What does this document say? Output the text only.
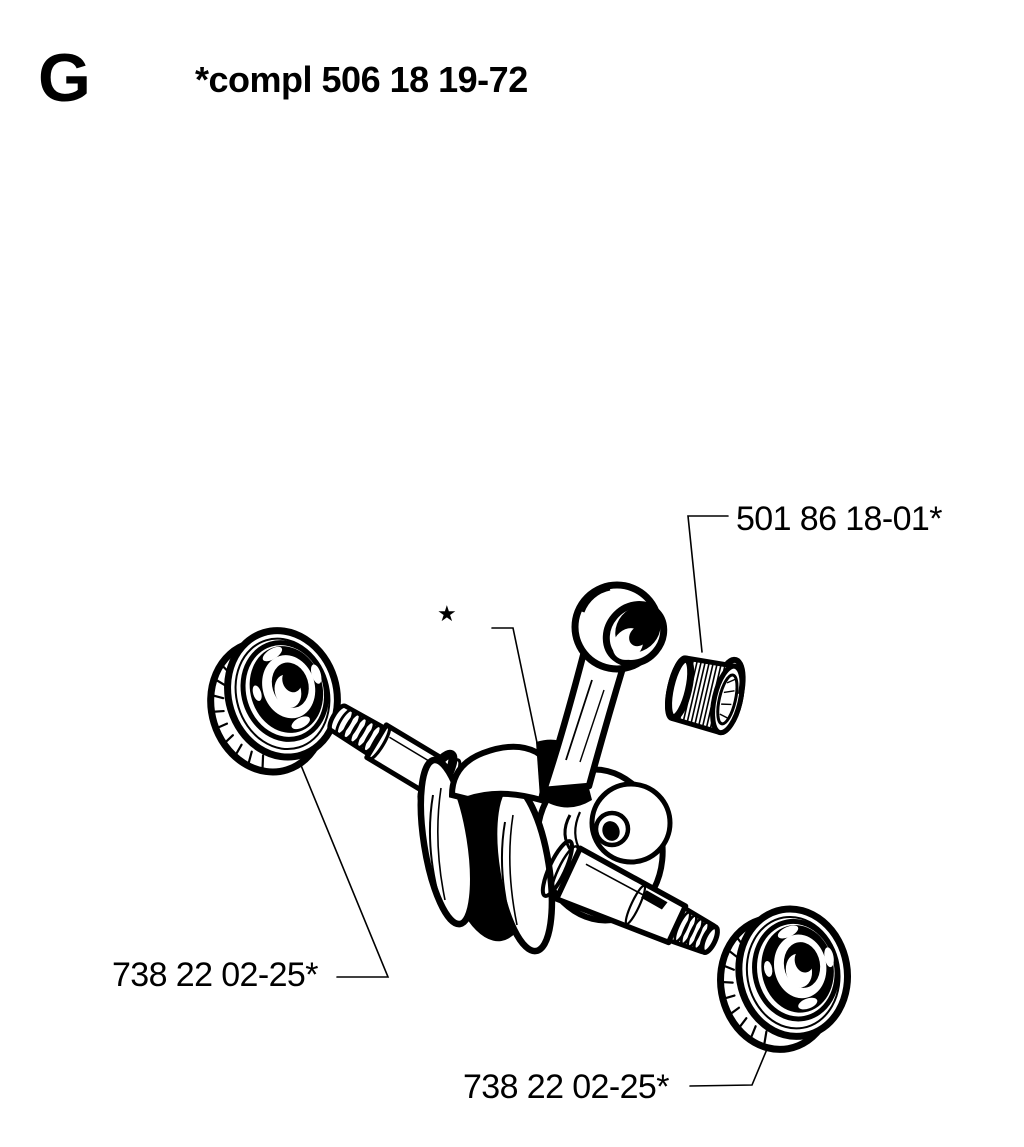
G	*compl 506 18 19-72
501 86 18-01*
★
738 22 02-25*
738 22 02-25*
